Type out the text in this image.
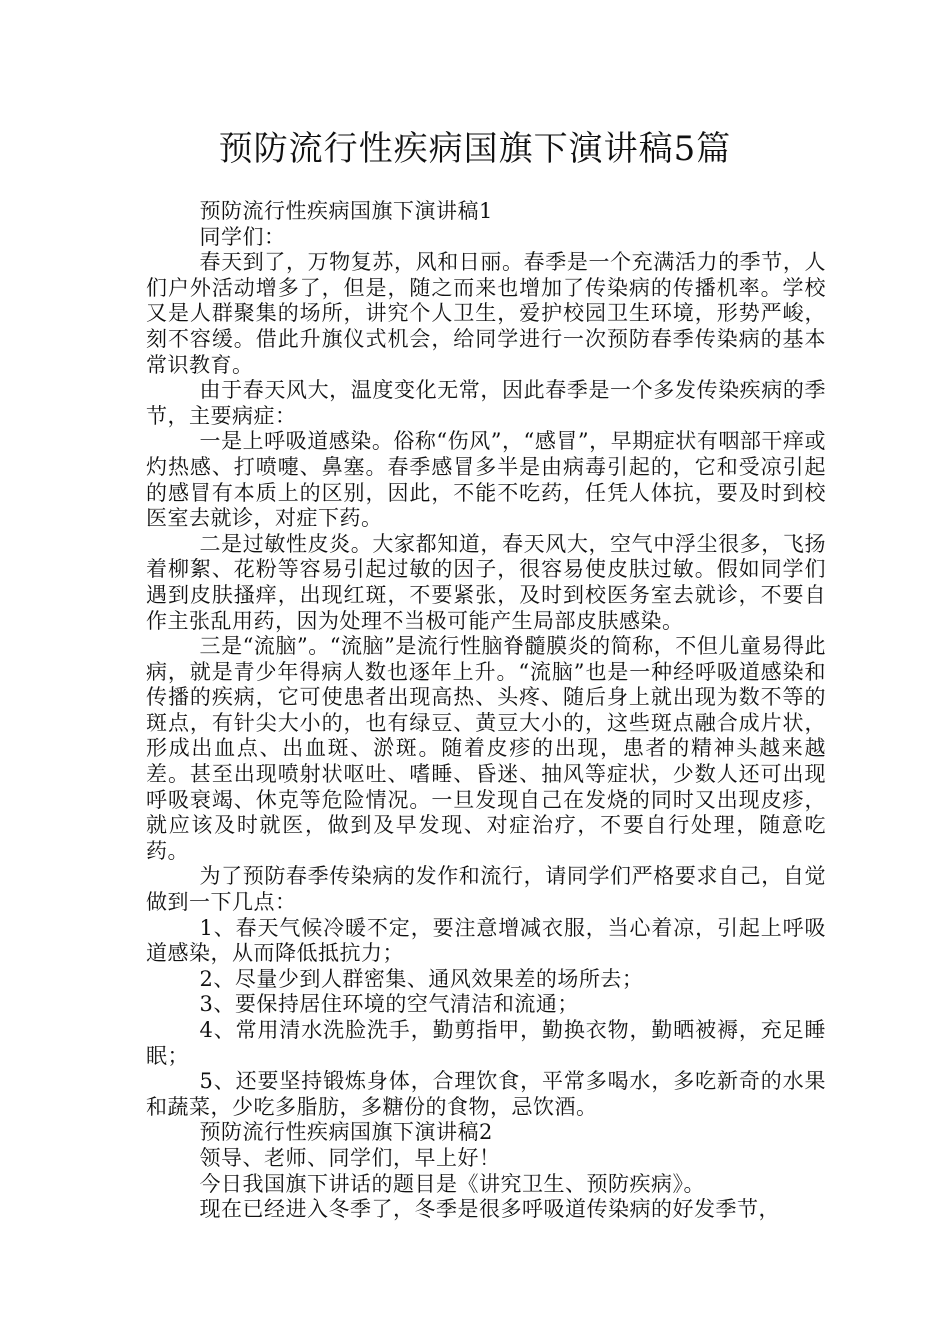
预防流行性疾病国旗下演讲稿5篇

预防流行性疾病国旗下演讲稿1

同学们：

春天到了，万物复苏，风和日丽。春季是一个充满活力的季节，人们户外活动增多了，但是，随之而来也增加了传染病的传播机率。学校又是人群聚集的场所，讲究个人卫生，爱护校园卫生环境，形势严峻，刻不容缓。借此升旗仪式机会，给同学进行一次预防春季传染病的基本常识教育。

由于春天风大，温度变化无常，因此春季是一个多发传染疾病的季节，主要病症：

一是上呼吸道感染。俗称“伤风”，“感冒”，早期症状有咽部干痒或灼热感、打喷嚏、鼻塞。春季感冒多半是由病毒引起的，它和受凉引起的感冒有本质上的区别，因此，不能不吃药，任凭人体抗，要及时到校医室去就诊，对症下药。

二是过敏性皮炎。大家都知道，春天风大，空气中浮尘很多，飞扬着柳絮、花粉等容易引起过敏的因子，很容易使皮肤过敏。假如同学们遇到皮肤搔痒，出现红斑，不要紧张，及时到校医务室去就诊，不要自作主张乱用药，因为处理不当极可能产生局部皮肤感染。

三是“流脑”。“流脑”是流行性脑脊髓膜炎的简称，不但儿童易得此病，就是青少年得病人数也逐年上升。“流脑”也是一种经呼吸道感染和传播的疾病，它可使患者出现高热、头疼、随后身上就出现为数不等的斑点，有针尖大小的，也有绿豆、黄豆大小的，这些斑点融合成片状，形成出血点、出血斑、淤斑。随着皮疹的出现，患者的精神头越来越差。甚至出现喷射状呕吐、嗜睡、昏迷、抽风等症状，少数人还可出现呼吸衰竭、休克等危险情况。一旦发现自己在发烧的同时又出现皮疹，就应该及时就医，做到及早发现、对症治疗，不要自行处理，随意吃药。

为了预防春季传染病的发作和流行，请同学们严格要求自己，自觉做到一下几点：

1、春天气候冷暖不定，要注意增减衣服，当心着凉，引起上呼吸道感染，从而降低抵抗力；

2、尽量少到人群密集、通风效果差的场所去；

3、要保持居住环境的空气清洁和流通；

4、常用清水洗脸洗手，勤剪指甲，勤换衣物，勤晒被褥，充足睡眠；

5、还要坚持锻炼身体，合理饮食，平常多喝水，多吃新奇的水果和蔬菜，少吃多脂肪，多糖份的食物，忌饮酒。

预防流行性疾病国旗下演讲稿2

领导、老师、同学们，早上好！

今日我国旗下讲话的题目是《讲究卫生、预防疾病》。

现在已经进入冬季了，冬季是很多呼吸道传染病的好发季节，
